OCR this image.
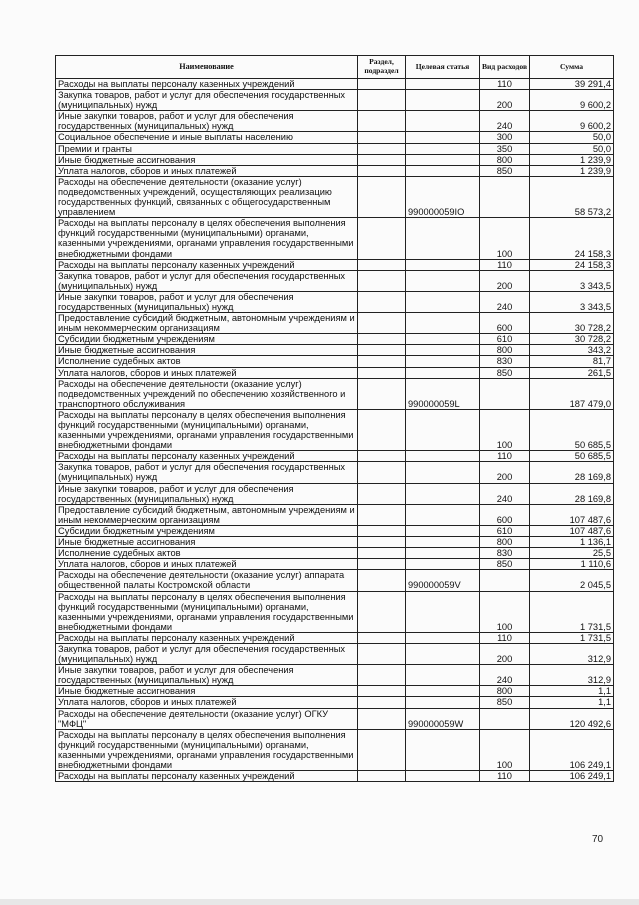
Наименование	Раздел, подраздел	Целевая статья	Вид расходов	Сумма
Расходы на выплаты персоналу казенных учреждений			110	39 291,4
Закупка товаров, работ и услуг для обеспечения государственных (муниципальных) нужд			200	9 600,2
Иные закупки товаров, работ и услуг для обеспечения государственных (муниципальных) нужд			240	9 600,2
Социальное обеспечение и иные выплаты населению			300	50,0
Премии и гранты			350	50,0
Иные бюджетные ассигнования			800	1 239,9
Уплата налогов, сборов и иных платежей			850	1 239,9
Расходы на обеспечение деятельности (оказание услуг) подведомственных учреждений, осуществляющих реализацию государственных функций, связанных с общегосударственным управлением		990000059IO		58 573,2
Расходы на выплаты персоналу в целях обеспечения выполнения функций государственными (муниципальными) органами, казенными учреждениями, органами управления государственными внебюджетными фондами			100	24 158,3
Расходы на выплаты персоналу казенных учреждений			110	24 158,3
Закупка товаров, работ и услуг для обеспечения государственных (муниципальных) нужд			200	3 343,5
Иные закупки товаров, работ и услуг для обеспечения государственных (муниципальных) нужд			240	3 343,5
Предоставление субсидий бюджетным, автономным учреждениям и иным некоммерческим организациям			600	30 728,2
Субсидии бюджетным учреждениям			610	30 728,2
Иные бюджетные ассигнования			800	343,2
Исполнение судебных актов			830	81,7
Уплата налогов, сборов и иных платежей			850	261,5
Расходы на обеспечение деятельности (оказание услуг) подведомственных учреждений по обеспечению хозяйственного и транспортного обслуживания		990000059L		187 479,0
Расходы на выплаты персоналу в целях обеспечения выполнения функций государственными (муниципальными) органами, казенными учреждениями, органами управления государственными внебюджетными фондами			100	50 685,5
Расходы на выплаты персоналу казенных учреждений			110	50 685,5
Закупка товаров, работ и услуг для обеспечения государственных (муниципальных) нужд			200	28 169,8
Иные закупки товаров, работ и услуг для обеспечения государственных (муниципальных) нужд			240	28 169,8
Предоставление субсидий бюджетным, автономным учреждениям и иным некоммерческим организациям			600	107 487,6
Субсидии бюджетным учреждениям			610	107 487,6
Иные бюджетные ассигнования			800	1 136,1
Исполнение судебных актов			830	25,5
Уплата налогов, сборов и иных платежей			850	1 110,6
Расходы на обеспечение деятельности (оказание услуг) аппарата общественной палаты Костромской области		990000059V		2 045,5
Расходы на выплаты персоналу в целях обеспечения выполнения функций государственными (муниципальными) органами, казенными учреждениями, органами управления государственными внебюджетными фондами			100	1 731,5
Расходы на выплаты персоналу казенных учреждений			110	1 731,5
Закупка товаров, работ и услуг для обеспечения государственных (муниципальных) нужд			200	312,9
Иные закупки товаров, работ и услуг для обеспечения государственных (муниципальных) нужд			240	312,9
Иные бюджетные ассигнования			800	1,1
Уплата налогов, сборов и иных платежей			850	1,1
Расходы на обеспечение деятельности (оказание услуг) ОГКУ "МФЦ"		990000059W		120 492,6
Расходы на выплаты персоналу в целях обеспечения выполнения функций государственными (муниципальными) органами, казенными учреждениями, органами управления государственными внебюджетными фондами			100	106 249,1
Расходы на выплаты персоналу казенных учреждений			110	106 249,1
70
